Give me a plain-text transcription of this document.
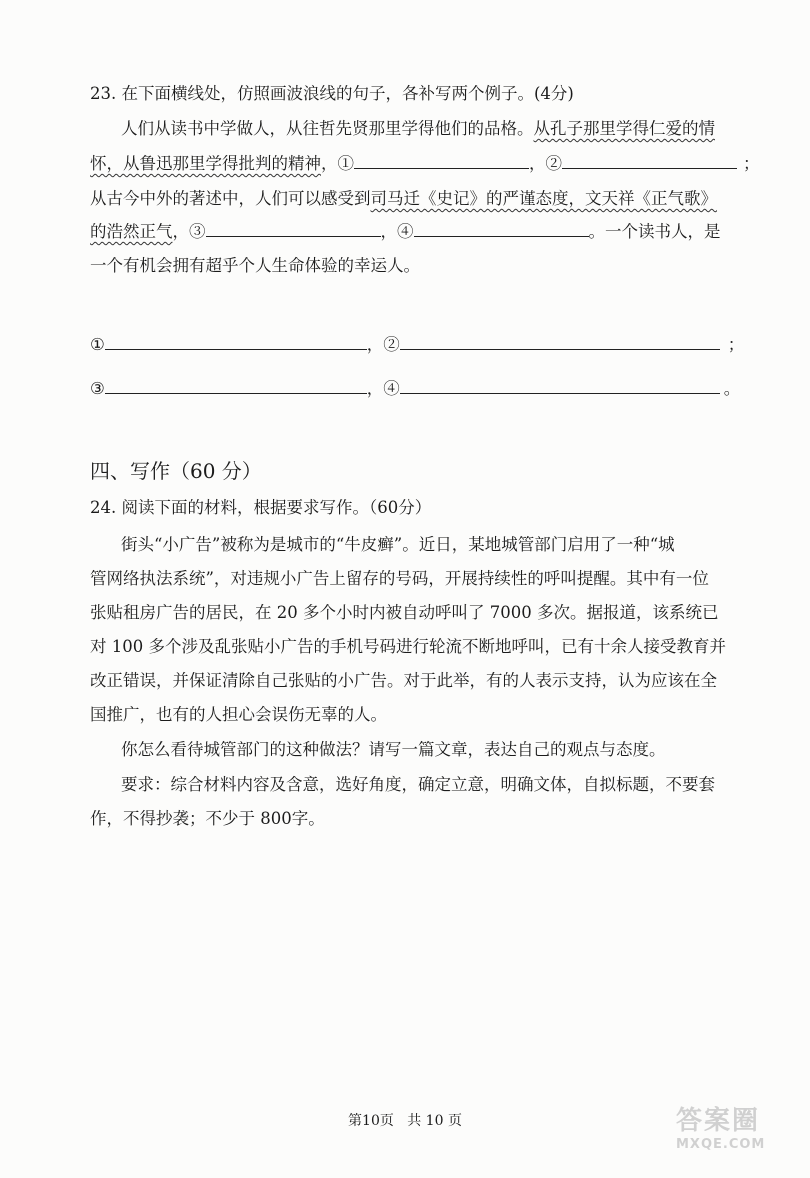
23. 在下面横线处，仿照画波浪线的句子，各补写两个例子。(4分)
人们从读书中学做人，从往哲先贤那里学得他们的品格。从孔子那里学得仁爱的情
怀，从鲁迅那里学得批判的精神，①	，②	；
从古今中外的著述中，人们可以感受到司马迁《史记》的严谨态度，文天祥《正气歌》
的浩然正气，③	，④	。一个读书人，是
一个有机会拥有超乎个人生命体验的幸运人。
①	，②	；
③	，④	。
四、写作（60 分）
24. 阅读下面的材料，根据要求写作。（60分）
街头“小广告”被称为是城市的“牛皮癣”。近日，某地城管部门启用了一种“城
管网络执法系统”，对违规小广告上留存的号码，开展持续性的呼叫提醒。其中有一位
张贴租房广告的居民，在 20 多个小时内被自动呼叫了 7000 多次。据报道，该系统已
对 100 多个涉及乱张贴小广告的手机号码进行轮流不断地呼叫，已有十余人接受教育并
改正错误，并保证清除自己张贴的小广告。对于此举，有的人表示支持，认为应该在全
国推广，也有的人担心会误伤无辜的人。
你怎么看待城管部门的这种做法？请写一篇文章，表达自己的观点与态度。
要求：综合材料内容及含意，选好角度，确定立意，明确文体，自拟标题，不要套
作，不得抄袭；不少于 800字。
第10页 共 10 页	答案圈
MXQE.COM
